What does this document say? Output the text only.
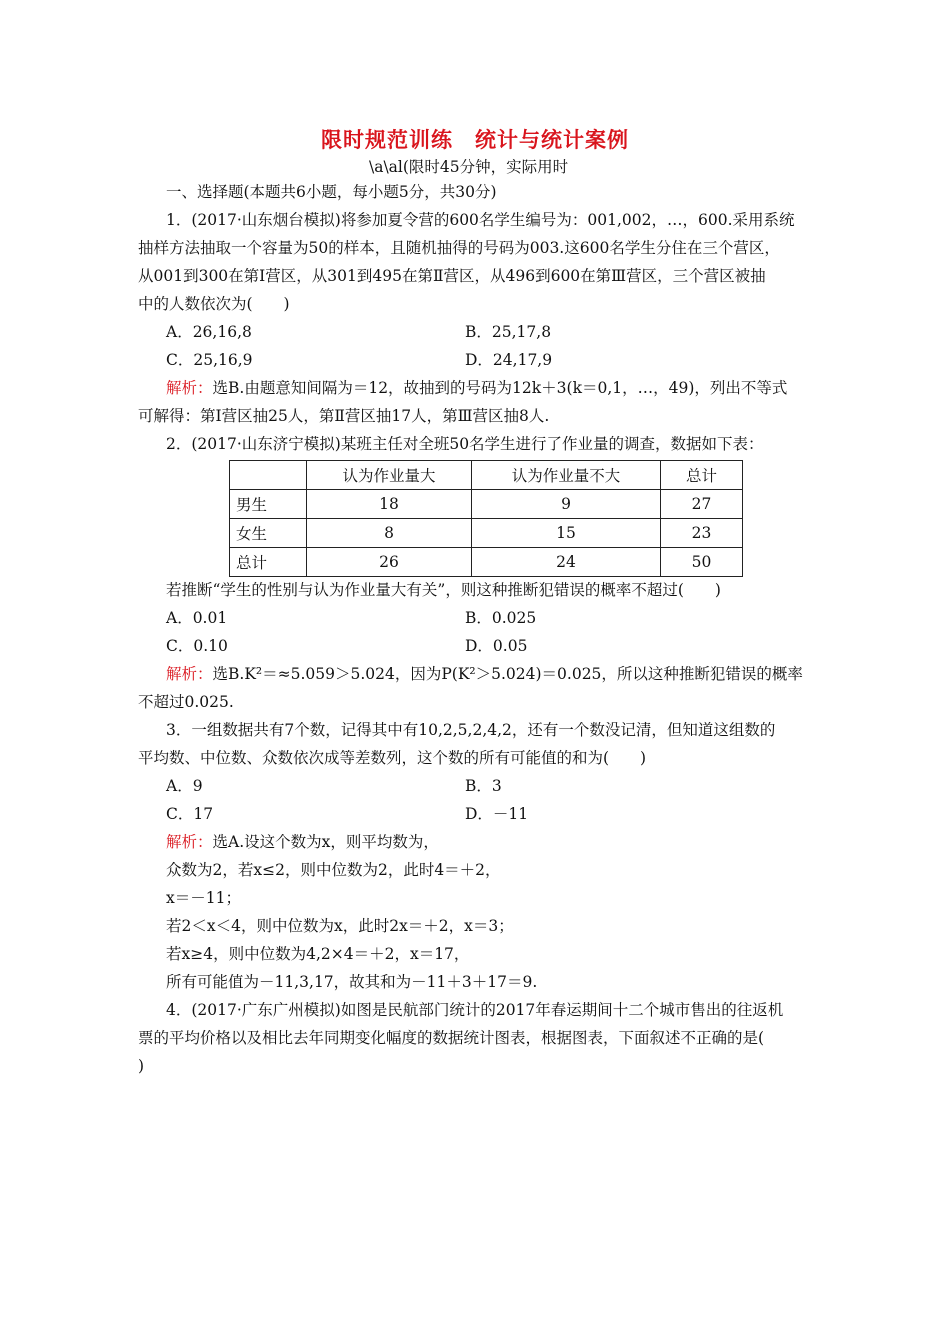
限时规范训练　统计与统计案例
\a\al(限时45分钟，实际用时
一、选择题(本题共6小题，每小题5分，共30分)
1．(2017·山东烟台模拟)将参加夏令营的600名学生编号为：001,002，…，600.采用系统
抽样方法抽取一个容量为50的样本，且随机抽得的号码为003.这600名学生分住在三个营区，
从001到300在第Ⅰ营区，从301到495在第Ⅱ营区，从496到600在第Ⅲ营区，三个营区被抽
中的人数依次为(　　)
A．26,16,8	B．25,17,8
C．25,16,9	D．24,17,9
解析：选B.由题意知间隔为＝12，故抽到的号码为12k＋3(k＝0,1，…，49)，列出不等式
可解得：第Ⅰ营区抽25人，第Ⅱ营区抽17人，第Ⅲ营区抽8人.
2．(2017·山东济宁模拟)某班主任对全班50名学生进行了作业量的调查，数据如下表：
	认为作业量大	认为作业量不大	总计
男生	18	9	27
女生	8	15	23
总计	26	24	50
若推断“学生的性别与认为作业量大有关”，则这种推断犯错误的概率不超过(　　)
A．0.01	B．0.025
C．0.10	D．0.05
解析：选B.K²＝≈5.059＞5.024，因为P(K²＞5.024)＝0.025，所以这种推断犯错误的概率
不超过0.025.
3．一组数据共有7个数，记得其中有10,2,5,2,4,2，还有一个数没记清，但知道这组数的
平均数、中位数、众数依次成等差数列，这个数的所有可能值的和为(　　)
A．9	B．3
C．17	D．－11
解析：选A.设这个数为x，则平均数为，
众数为2，若x≤2，则中位数为2，此时4＝＋2，
x＝－11；
若2＜x＜4，则中位数为x，此时2x＝＋2，x＝3；
若x≥4，则中位数为4,2×4＝＋2，x＝17，
所有可能值为－11,3,17，故其和为－11＋3＋17＝9.
4．(2017·广东广州模拟)如图是民航部门统计的2017年春运期间十二个城市售出的往返机
票的平均价格以及相比去年同期变化幅度的数据统计图表，根据图表，下面叙述不正确的是(
)
